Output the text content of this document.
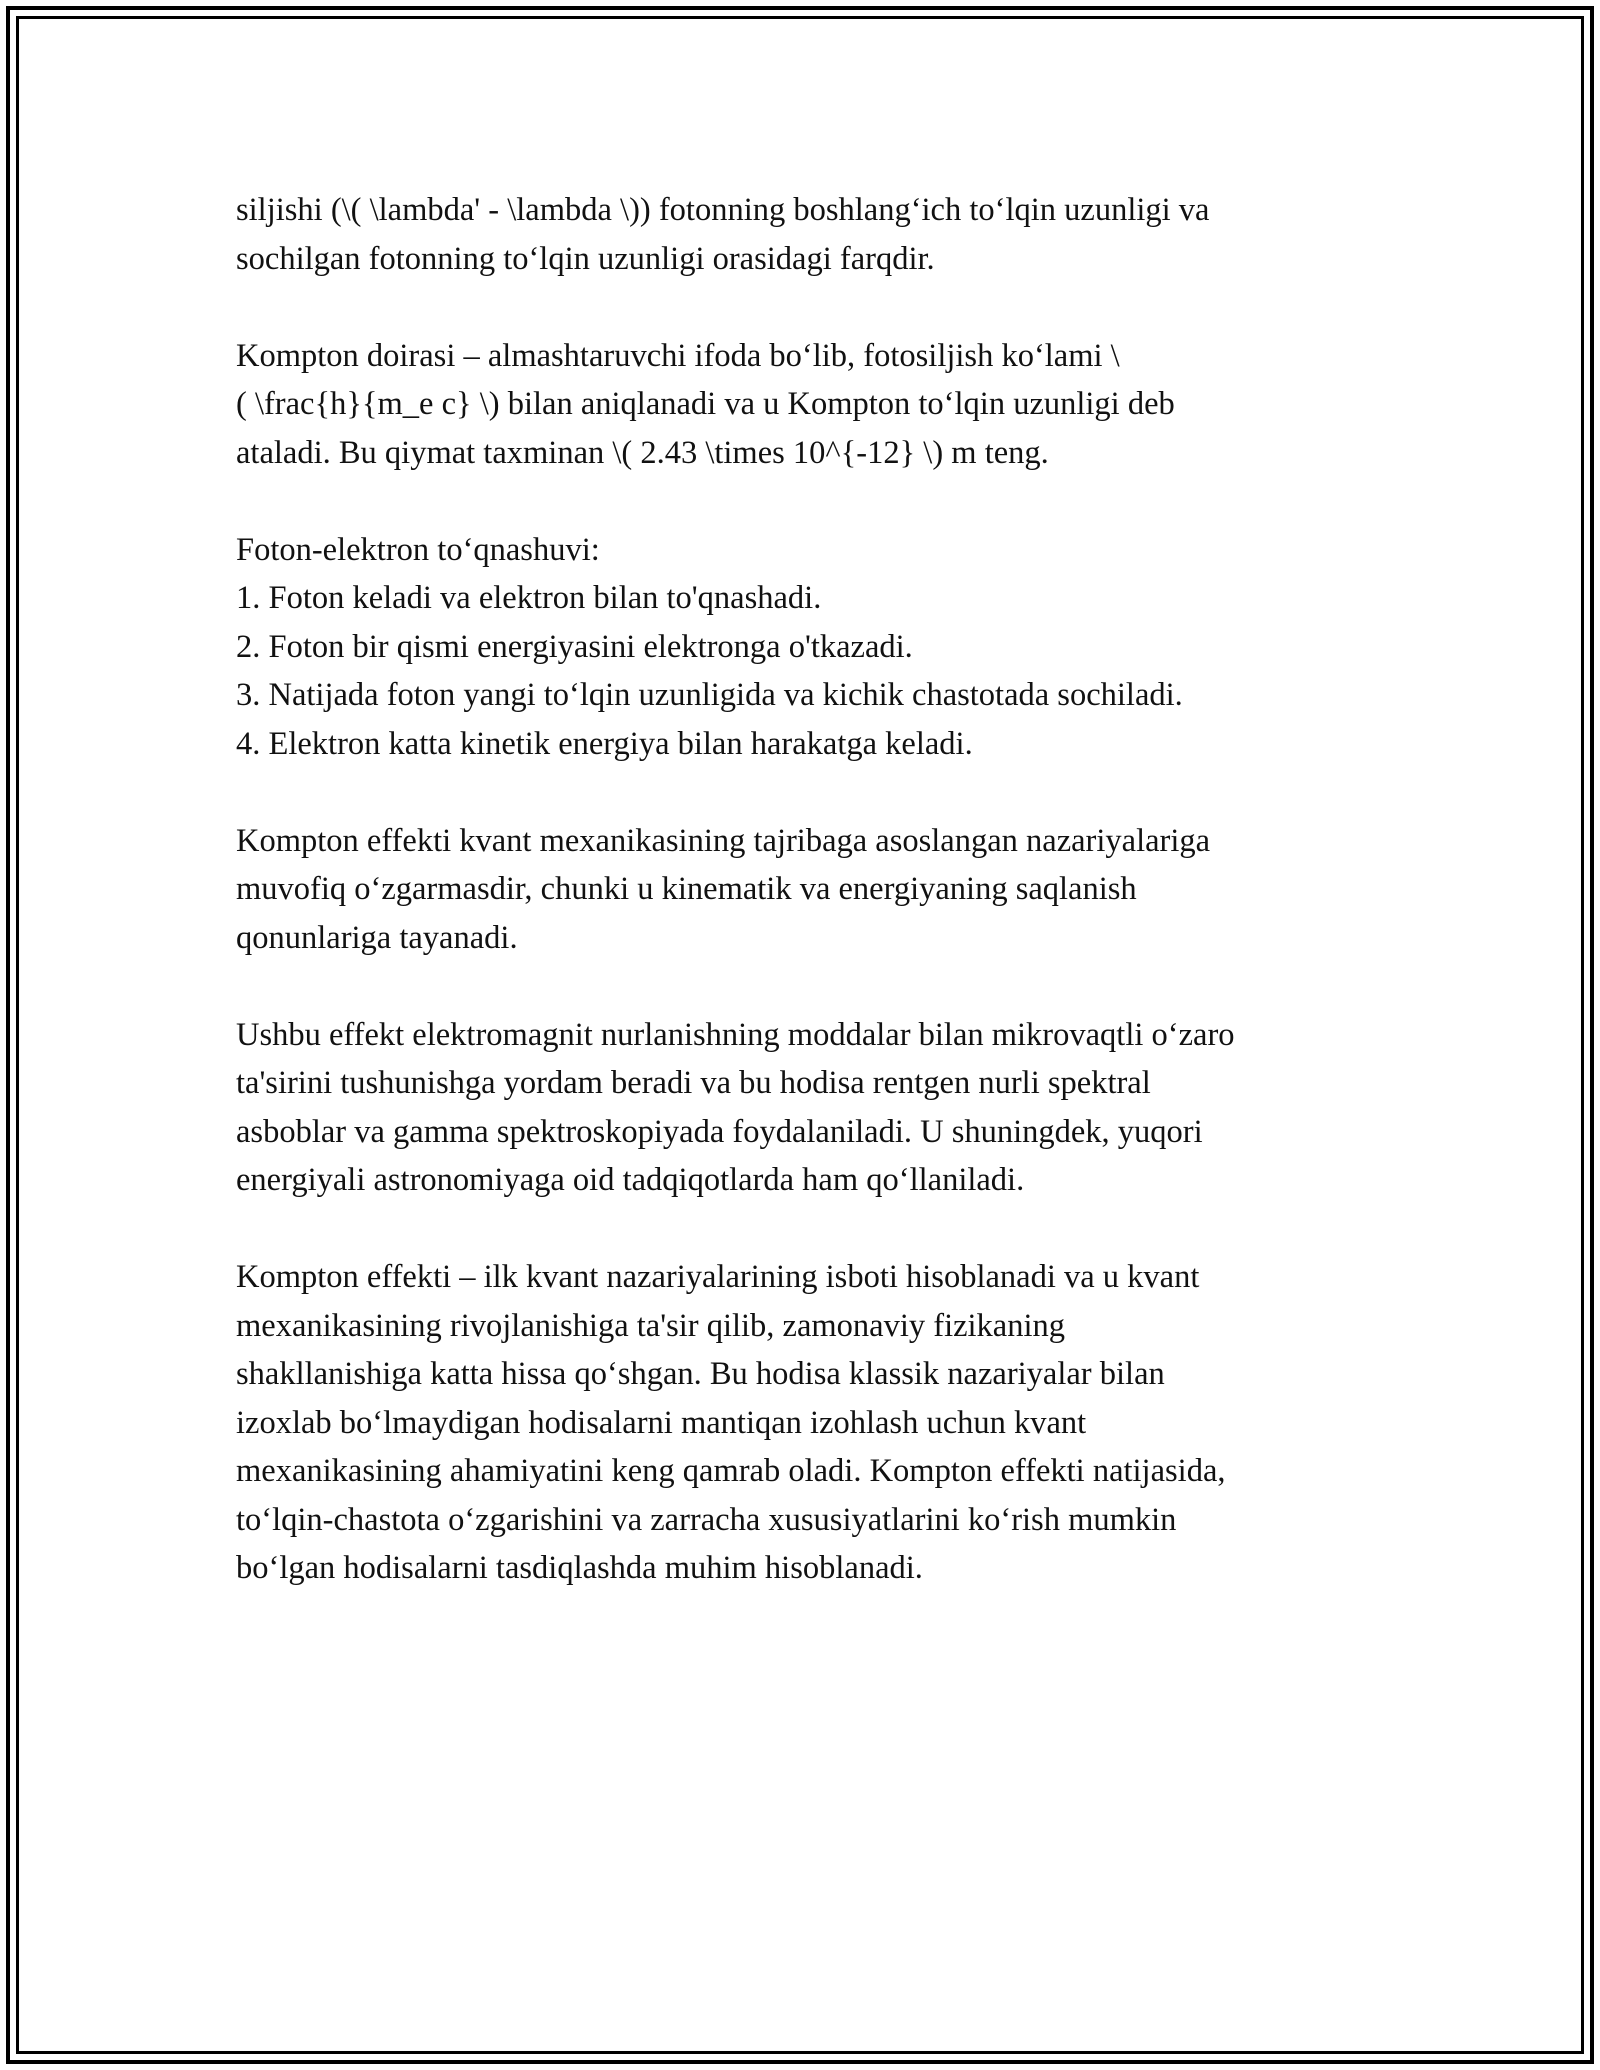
siljishi (\( \lambda' - \lambda \)) fotonning boshlang‘ich to‘lqin uzunligi va
sochilgan fotonning to‘lqin uzunligi orasidagi farqdir.

Kompton doirasi – almashtaruvchi ifoda bo‘lib, fotosiljish ko‘lami \
( \frac{h}{m_e c} \) bilan aniqlanadi va u Kompton to‘lqin uzunligi deb
ataladi. Bu qiymat taxminan \( 2.43 \times 10^{-12} \) m teng.

Foton-elektron to‘qnashuvi:
1. Foton keladi va elektron bilan to'qnashadi.
2. Foton bir qismi energiyasini elektronga o'tkazadi.
3. Natijada foton yangi to‘lqin uzunligida va kichik chastotada sochiladi.
4. Elektron katta kinetik energiya bilan harakatga keladi.

Kompton effekti kvant mexanikasining tajribaga asoslangan nazariyalariga
muvofiq o‘zgarmasdir, chunki u kinematik va energiyaning saqlanish
qonunlariga tayanadi.

Ushbu effekt elektromagnit nurlanishning moddalar bilan mikrovaqtli o‘zaro
ta'sirini tushunishga yordam beradi va bu hodisa rentgen nurli spektral
asboblar va gamma spektroskopiyada foydalaniladi. U shuningdek, yuqori
energiyali astronomiyaga oid tadqiqotlarda ham qo‘llaniladi.

Kompton effekti – ilk kvant nazariyalarining isboti hisoblanadi va u kvant
mexanikasining rivojlanishiga ta'sir qilib, zamonaviy fizikaning
shakllanishiga katta hissa qo‘shgan. Bu hodisa klassik nazariyalar bilan
izoxlab bo‘lmaydigan hodisalarni mantiqan izohlash uchun kvant
mexanikasining ahamiyatini keng qamrab oladi. Kompton effekti natijasida,
to‘lqin-chastota o‘zgarishini va zarracha xususiyatlarini ko‘rish mumkin
bo‘lgan hodisalarni tasdiqlashda muhim hisoblanadi.
